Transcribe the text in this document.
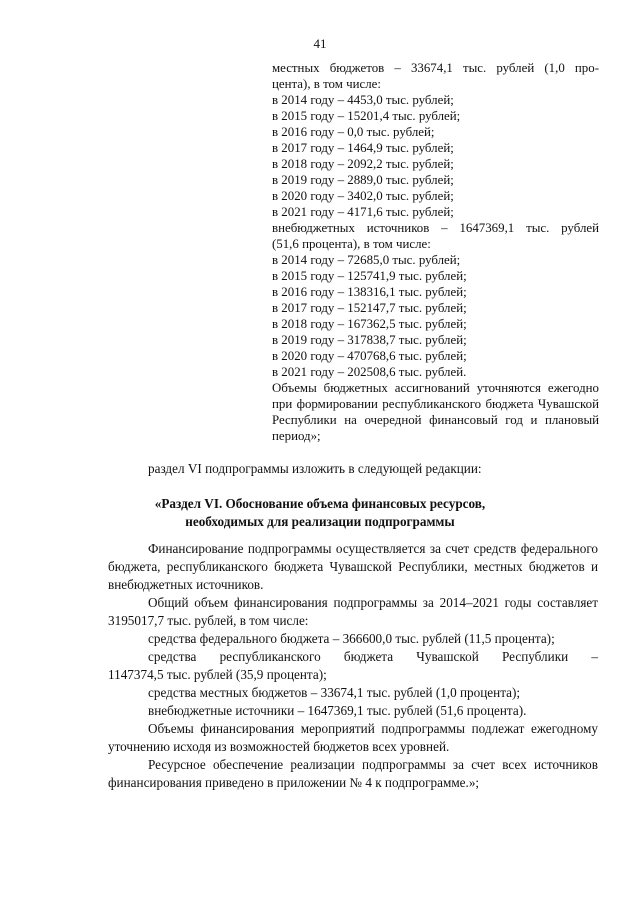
41
местных бюджетов – 33674,1 тыс. рублей (1,0 про-
цента), в том числе:
в 2014 году – 4453,0 тыс. рублей;
в 2015 году – 15201,4 тыс. рублей;
в 2016 году – 0,0 тыс. рублей;
в 2017 году – 1464,9 тыс. рублей;
в 2018 году – 2092,2 тыс. рублей;
в 2019 году – 2889,0 тыс. рублей;
в 2020 году – 3402,0 тыс. рублей;
в 2021 году – 4171,6 тыс. рублей;
внебюджетных источников – 1647369,1 тыс. рублей
(51,6 процента), в том числе:
в 2014 году – 72685,0 тыс. рублей;
в 2015 году – 125741,9 тыс. рублей;
в 2016 году – 138316,1 тыс. рублей;
в 2017 году – 152147,7 тыс. рублей;
в 2018 году – 167362,5 тыс. рублей;
в 2019 году – 317838,7 тыс. рублей;
в 2020 году – 470768,6 тыс. рублей;
в 2021 году – 202508,6 тыс. рублей.
Объемы бюджетных ассигнований уточняются ежегодно при формировании республиканского бюджета Чувашской Республики на очередной финансовый год и плановый период»;
раздел VI подпрограммы изложить в следующей редакции:
«Раздел VI. Обоснование объема финансовых ресурсов,
необходимых для реализации подпрограммы
Финансирование подпрограммы осуществляется за счет средств федерального бюджета, республиканского бюджета Чувашской Республики, местных бюджетов и внебюджетных источников.
Общий объем финансирования подпрограммы за 2014–2021 годы составляет 3195017,7 тыс. рублей, в том числе:
средства федерального бюджета – 366600,0 тыс. рублей (11,5 процента);
средства республиканского бюджета Чувашской Республики –
1147374,5 тыс. рублей (35,9 процента);
средства местных бюджетов – 33674,1 тыс. рублей (1,0 процента);
внебюджетные источники – 1647369,1 тыс. рублей (51,6 процента).
Объемы финансирования мероприятий подпрограммы подлежат ежегодному уточнению исходя из возможностей бюджетов всех уровней.
Ресурсное обеспечение реализации подпрограммы за счет всех источников финансирования приведено в приложении № 4 к подпрограмме.»;
